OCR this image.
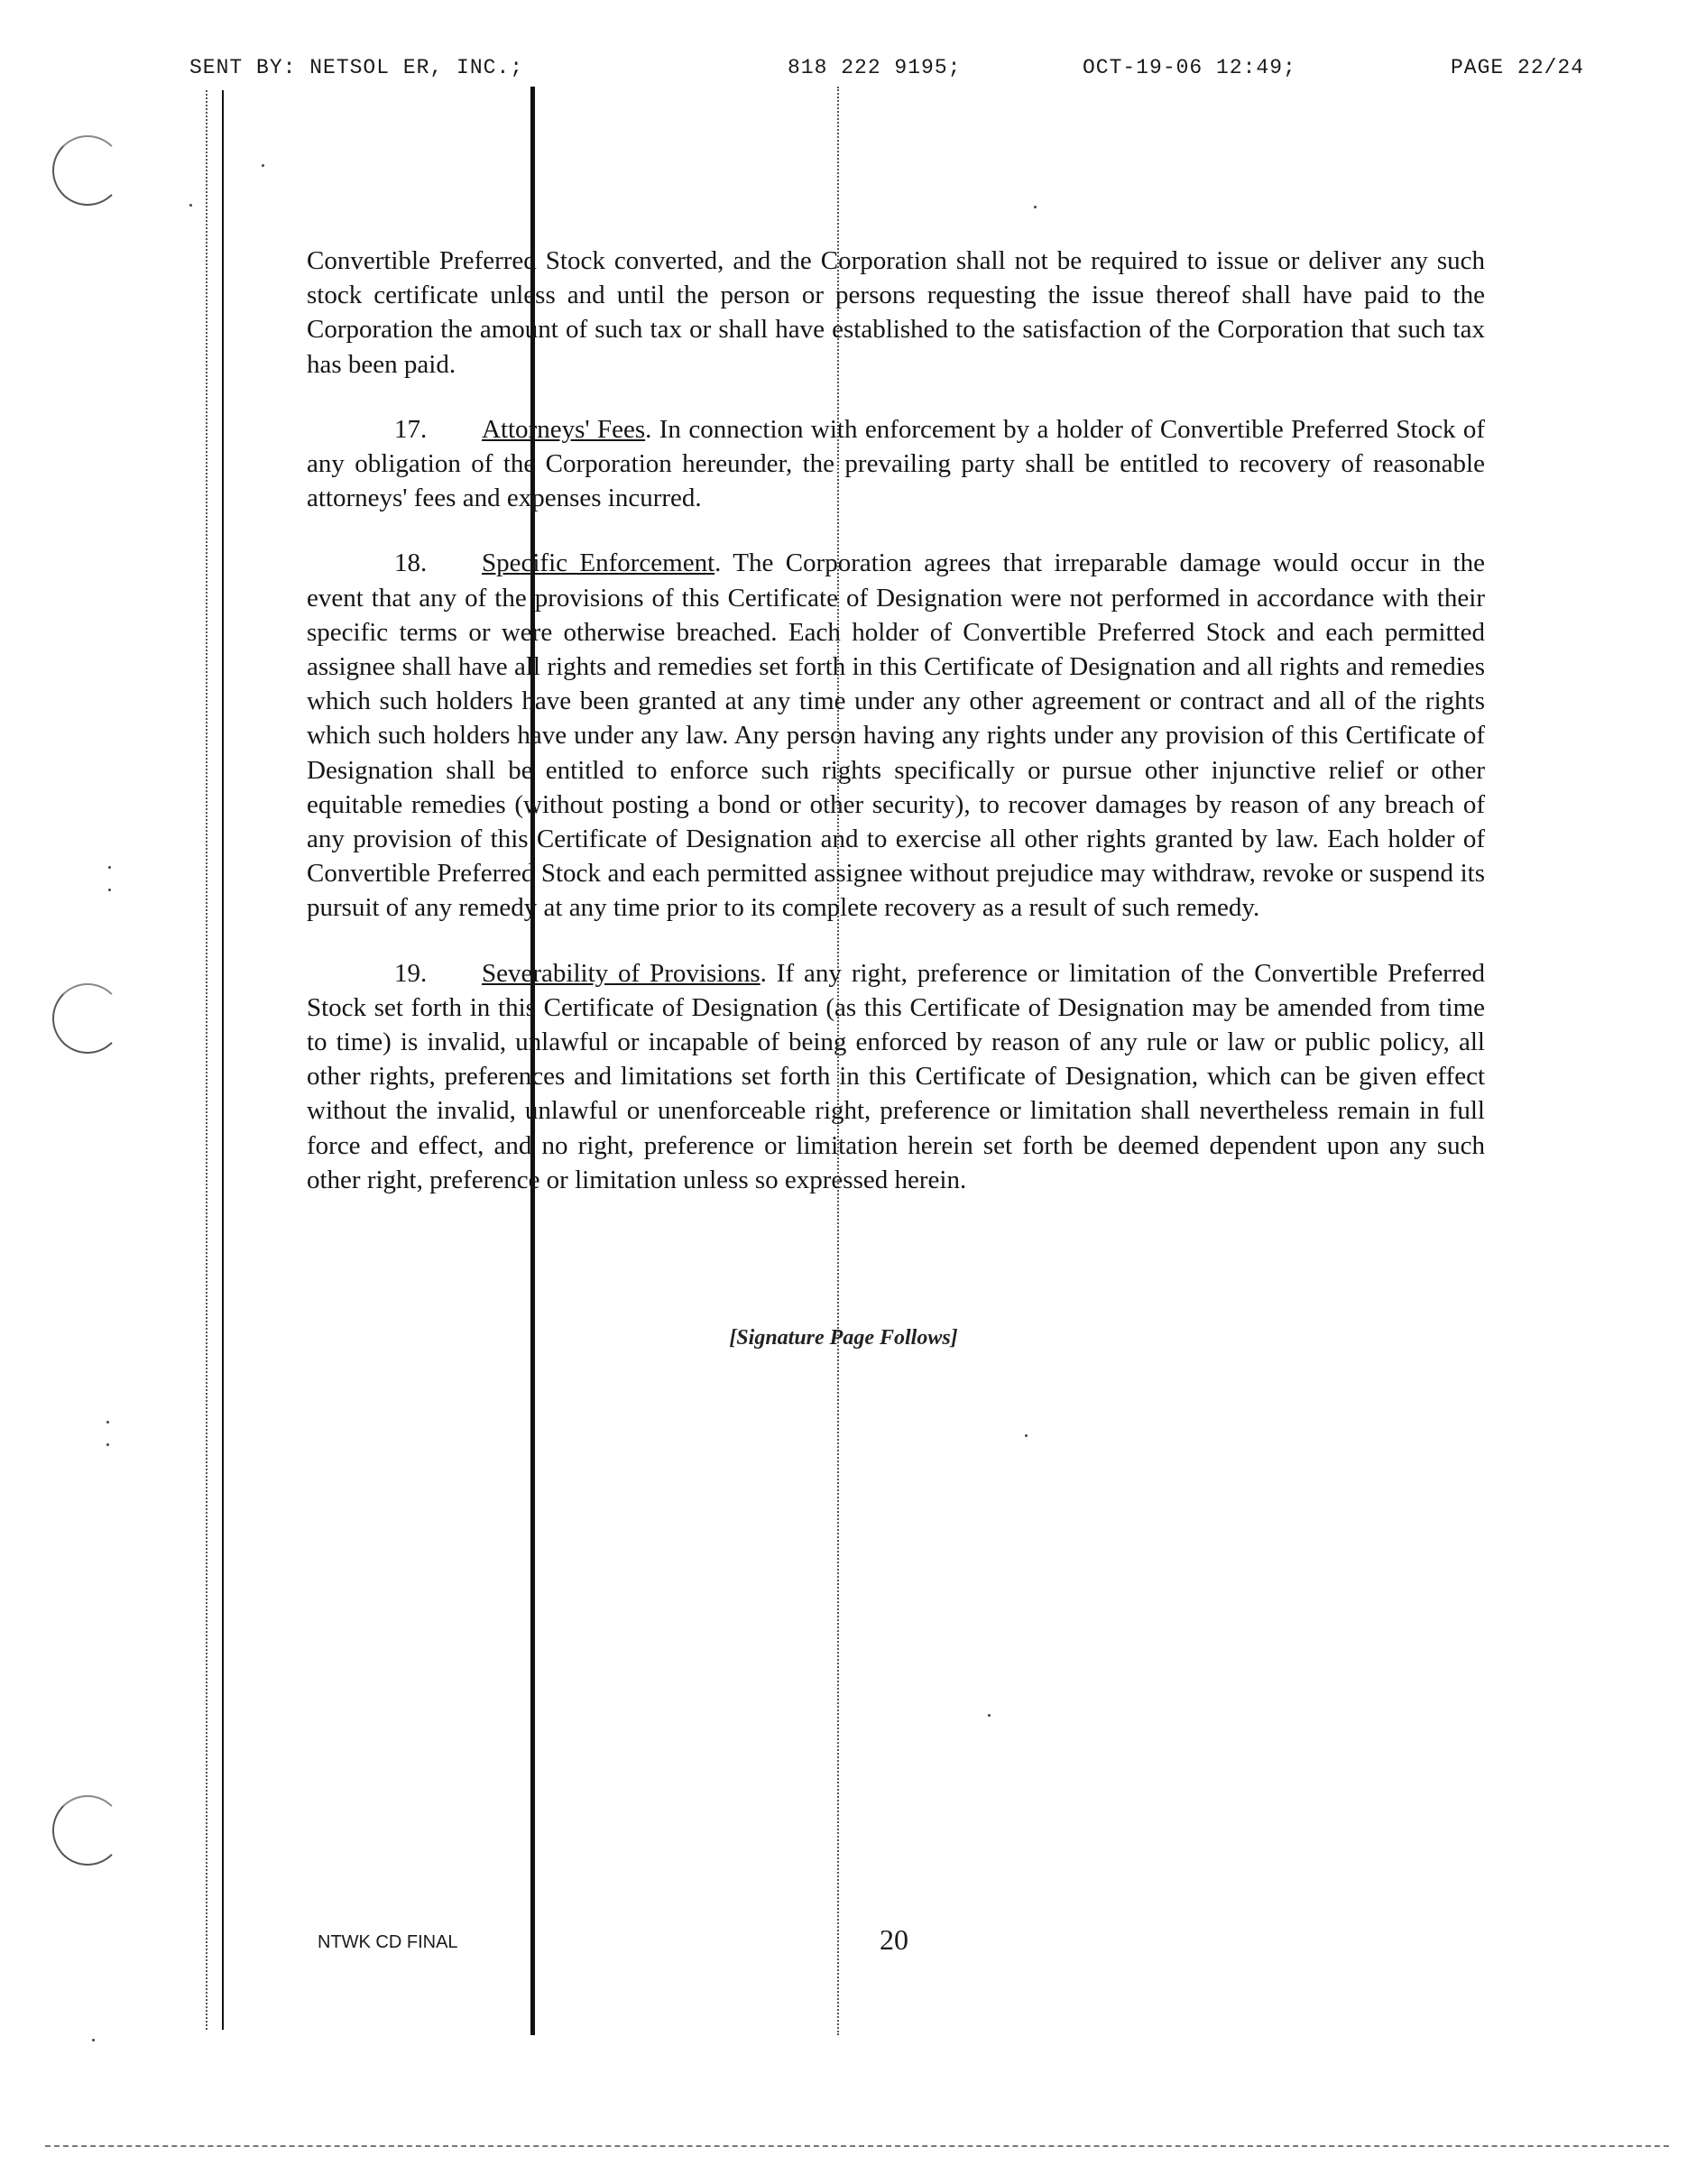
SENT BY: NETSOL ER, INC.;	818 222 9195;	OCT-19-06 12:49;	PAGE 22/24

Convertible Preferred Stock converted, and the Corporation shall not be required to issue or deliver any such stock certificate unless and until the person or persons requesting the issue thereof shall have paid to the Corporation the amount of such tax or shall have established to the satisfaction of the Corporation that such tax has been paid.

17. Attorneys' Fees. In connection with enforcement by a holder of Convertible Preferred Stock of any obligation of the Corporation hereunder, the prevailing party shall be entitled to recovery of reasonable attorneys' fees and expenses incurred.

18. Specific Enforcement. The Corporation agrees that irreparable damage would occur in the event that any of the provisions of this Certificate of Designation were not performed in accordance with their specific terms or were otherwise breached. Each holder of Convertible Preferred Stock and each permitted assignee shall have all rights and remedies set forth in this Certificate of Designation and all rights and remedies which such holders have been granted at any time under any other agreement or contract and all of the rights which such holders have under any law. Any person having any rights under any provision of this Certificate of Designation shall be entitled to enforce such rights specifically or pursue other injunctive relief or other equitable remedies (without posting a bond or other security), to recover damages by reason of any breach of any provision of this Certificate of Designation and to exercise all other rights granted by law. Each holder of Convertible Preferred Stock and each permitted assignee without prejudice may withdraw, revoke or suspend its pursuit of any remedy at any time prior to its complete recovery as a result of such remedy.

19. Severability of Provisions. If any right, preference or limitation of the Convertible Preferred Stock set forth in this Certificate of Designation (as this Certificate of Designation may be amended from time to time) is invalid, unlawful or incapable of being enforced by reason of any rule or law or public policy, all other rights, preferences and limitations set forth in this Certificate of Designation, which can be given effect without the invalid, unlawful or unenforceable right, preference or limitation shall nevertheless remain in full force and effect, and no right, preference or limitation herein set forth be deemed dependent upon any such other right, preference or limitation unless so expressed herein.

[Signature Page Follows]
NTWK CD FINAL	20
